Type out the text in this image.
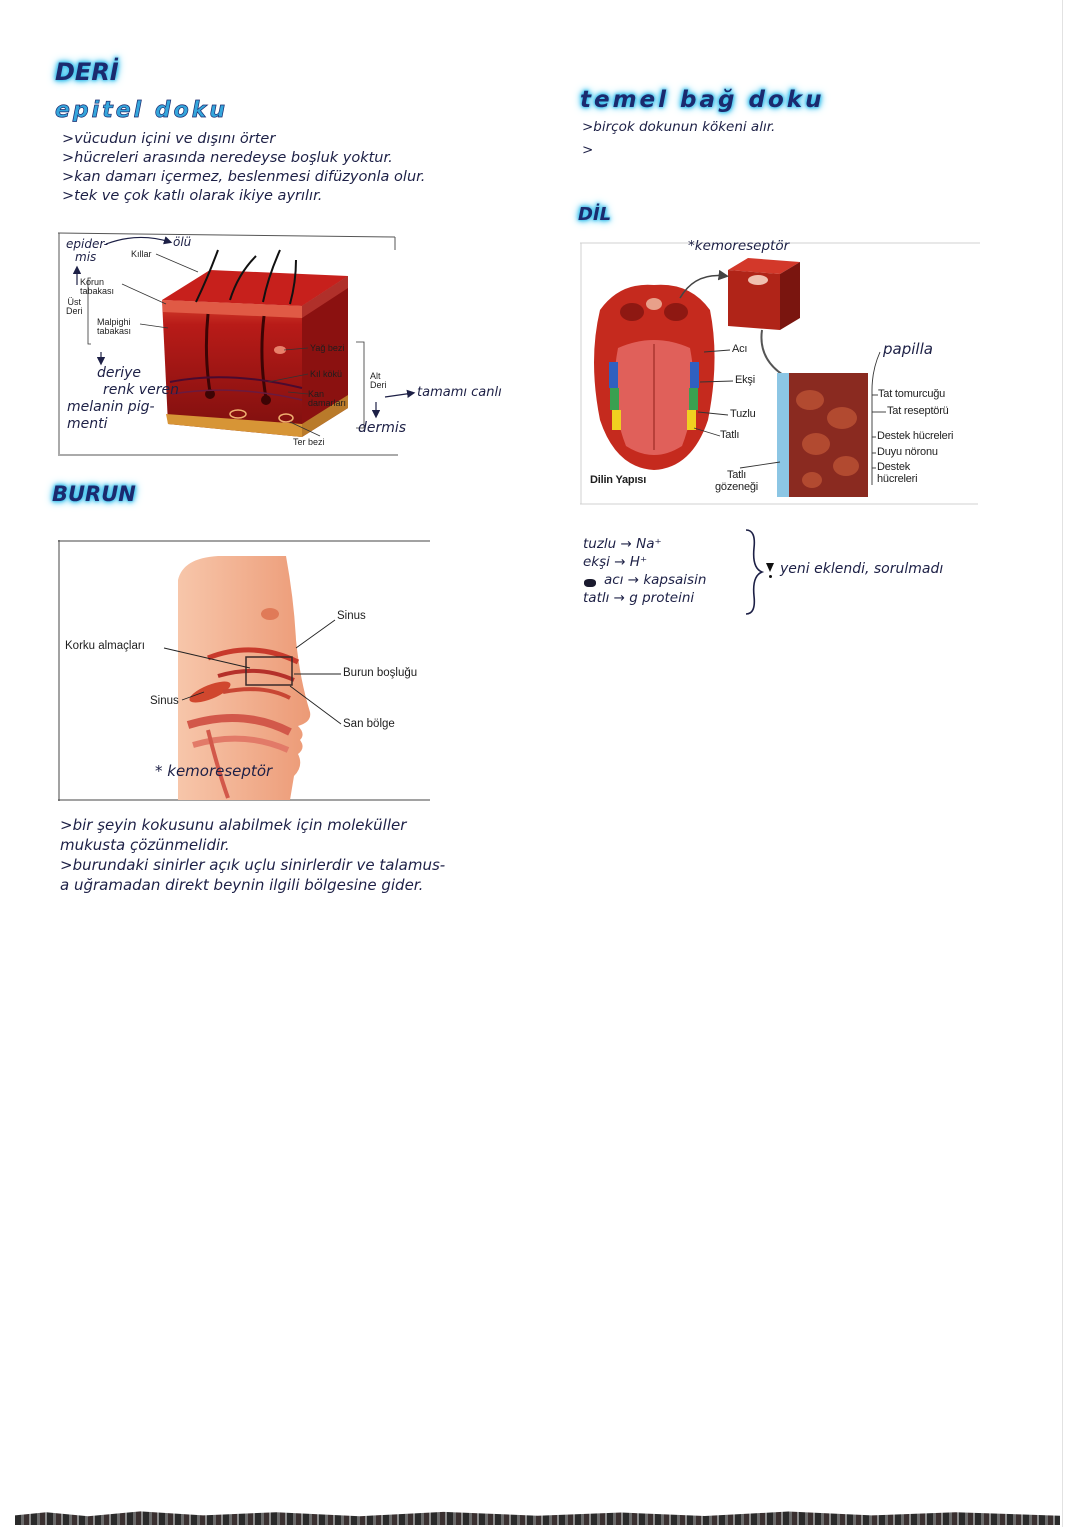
DERİ
epitel doku
>vücudun içini ve dışını örter
>hücreleri arasında neredeyse boşluk yoktur.
>kan damarı içermez, beslenmesi difüzyonla olur.
>tek ve çok katlı olarak ikiye ayrılır.
epider-
mis
ölü
Kıllar
Korun
tabakası
Üst
Deri
Malpighi
tabakası
deriye
renk veren
melanin pig-
menti
Yağ bezi
Kıl kökü
Kan
damarları
Alt
Deri
dermis
Ter bezi
tamamı canlı
BURUN
Sinus
Korku almaçları
Burun boşluğu
Sinus
San bölge
* kemoreseptör
>bir şeyin kokusunu alabilmek için moleküller
mukusta çözünmelidir.
>burundaki sinirler açık uçlu sinirlerdir ve talamus-
a uğramadan direkt beynin ilgili bölgesine gider.
temel bağ doku
>birçok dokunun kökeni alır.
>
DİL
*kemoreseptör
Acı
Ekşi
Tuzlu
Tatlı
Dilin Yapısı	Tatlı
gözeneği
papilla
Tat tomurcuğu
Tat reseptörü
Destek hücreleri
Duyu nöronu
Destek
hücreleri
tuzlu → Na⁺
ekşi → H⁺
acı → kapsaisin
tatlı → g proteini
yeni eklendi, sorulmadı
